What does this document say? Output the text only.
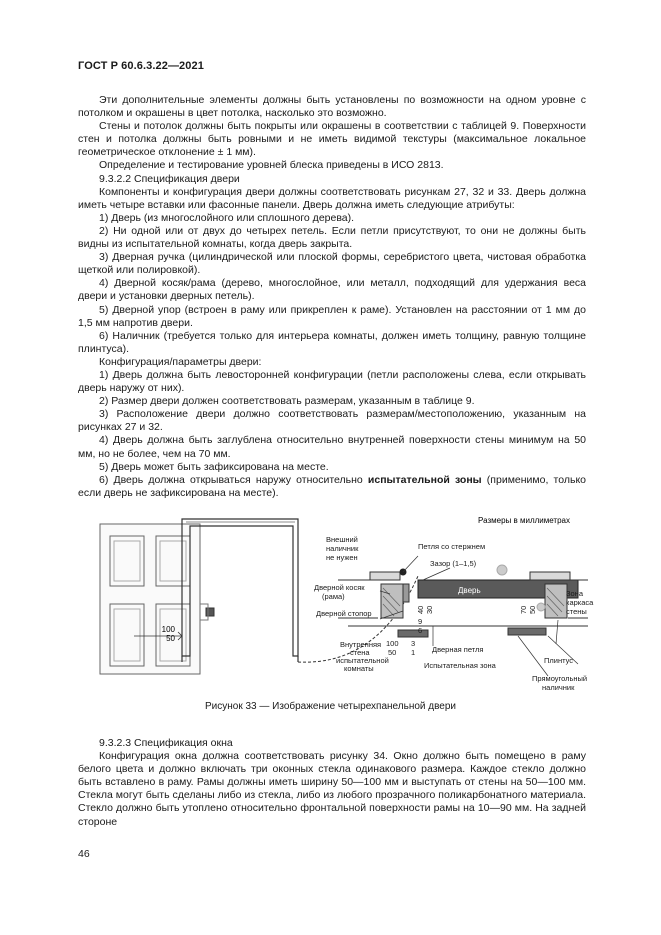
ГОСТ Р 60.6.3.22—2021

Эти дополнительные элементы должны быть установлены по возможности на одном уровне с потолком и окрашены в цвет потолка, насколько это возможно.

Стены и потолок должны быть покрыты или окрашены в соответствии с таблицей 9. Поверхности стен и потолка должны быть ровными и не иметь видимой текстуры (максимальное локальное геометрическое отклонение ± 1 мм).

Определение и тестирование уровней блеска приведены в ИСО 2813.

9.3.2.2 Спецификация двери

Компоненты и конфигурация двери должны соответствовать рисункам 27, 32 и 33. Дверь должна иметь четыре вставки или фасонные панели. Дверь должна иметь следующие атрибуты:

1) Дверь (из многослойного или сплошного дерева).

2) Ни одной или от двух до четырех петель. Если петли присутствуют, то они не должны быть видны из испытательной комнаты, когда дверь закрыта.

3) Дверная ручка (цилиндрической или плоской формы, серебристого цвета, чистовая обработка щеткой или полировкой).

4) Дверной косяк/рама (дерево, многослойное, или металл, подходящий для удержания веса двери и установки дверных петель).

5) Дверной упор (встроен в раму или прикреплен к раме). Установлен на расстоянии от 1 мм до 1,5 мм напротив двери.

6) Наличник (требуется только для интерьера комнаты, должен иметь толщину, равную толщине плинтуса).

Конфигурация/параметры двери:

1) Дверь должна быть левосторонней конфигурации (петли расположены слева, если открывать дверь наружу от них).

2) Размер двери должен соответствовать размерам, указанным в таблице 9.

3) Расположение двери должно соответствовать размерам/местоположению, указанным на рисунках 27 и 32.

4) Дверь должна быть заглублена относительно внутренней поверхности стены минимум на 50 мм, но не более, чем на 70 мм.

5) Дверь может быть зафиксирована на месте.

6) Дверь должна открываться наружу относительно испытательной зоны (применимо, только если дверь не зафиксирована на месте).

100
50
Размеры в миллиметрах
Внешний
наличник
не нужен
Петля со стержнем
Зазор (1–1,5)
Дверь
Дверной косяк
(рама)
Дверной стопор
Внутренняя
стена
испытательной
комнаты
Дверная петля
Испытательная зона
Зона
каркаса
стены
Плинтус
Прямоугольный
наличник
40 30
9
6
70 50
100
50
3
1
Рисунок 33 — Изображение четырехпанельной двери

9.3.2.3 Спецификация окна

Конфигурация окна должна соответствовать рисунку 34. Окно должно быть помещено в раму белого цвета и должно включать три оконных стекла одинакового размера. Каждое стекло должно быть вставлено в раму. Рамы должны иметь ширину 50—100 мм и выступать от стены на 50—100 мм. Стекла могут быть сделаны либо из стекла, либо из любого прозрачного поликарбонатного материала. Стекло должно быть утоплено относительно фронтальной поверхности рамы на 10—90 мм. На задней стороне

46
